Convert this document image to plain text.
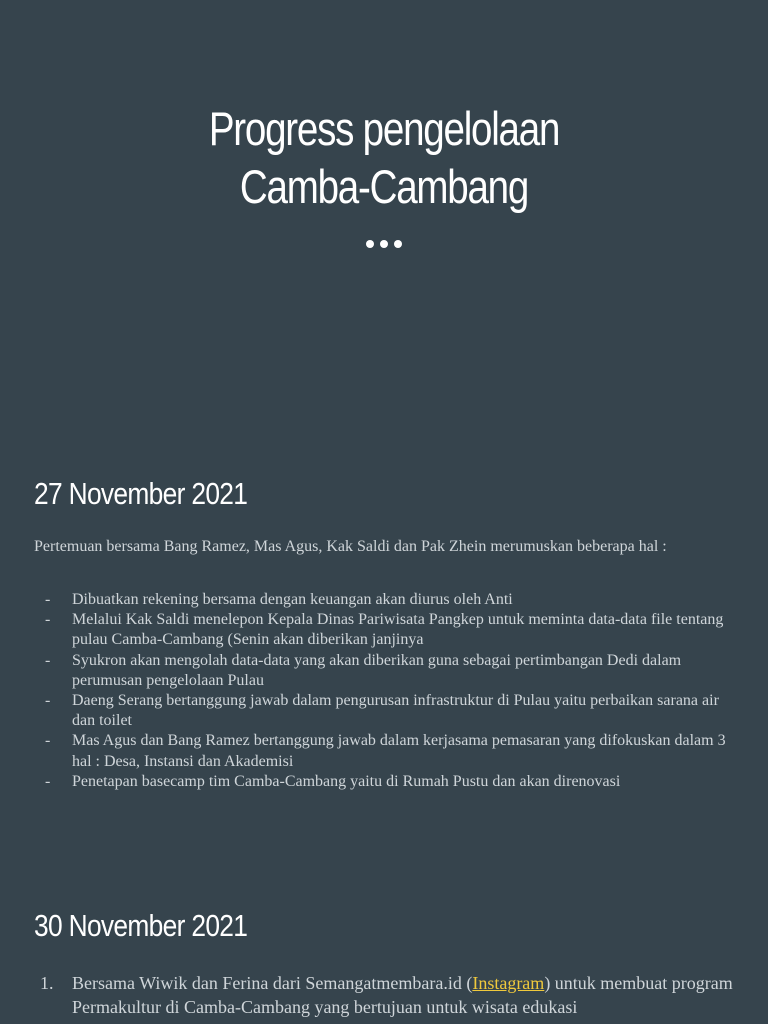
Progress pengelolaan
Camba-Cambang
27 November 2021

Pertemuan bersama Bang Ramez, Mas Agus, Kak Saldi dan Pak Zhein merumuskan beberapa hal :

- Dibuatkan rekening bersama dengan keuangan akan diurus oleh Anti
- Melalui Kak Saldi menelepon Kepala Dinas Pariwisata Pangkep untuk meminta data-data file tentang pulau Camba-Cambang (Senin akan diberikan janjinya
- Syukron akan mengolah data-data yang akan diberikan guna sebagai pertimbangan Dedi dalam perumusan pengelolaan Pulau
- Daeng Serang bertanggung jawab dalam pengurusan infrastruktur di Pulau yaitu perbaikan sarana air dan toilet
- Mas Agus dan Bang Ramez bertanggung jawab dalam kerjasama pemasaran yang difokuskan dalam 3 hal : Desa, Instansi dan Akademisi
- Penetapan basecamp tim Camba-Cambang yaitu di Rumah Pustu dan akan direnovasi
30 November 2021
1. Bersama Wiwik dan Ferina dari Semangatmembara.id (Instagram) untuk membuat program Permakultur di Camba-Cambang yang bertujuan untuk wisata edukasi
